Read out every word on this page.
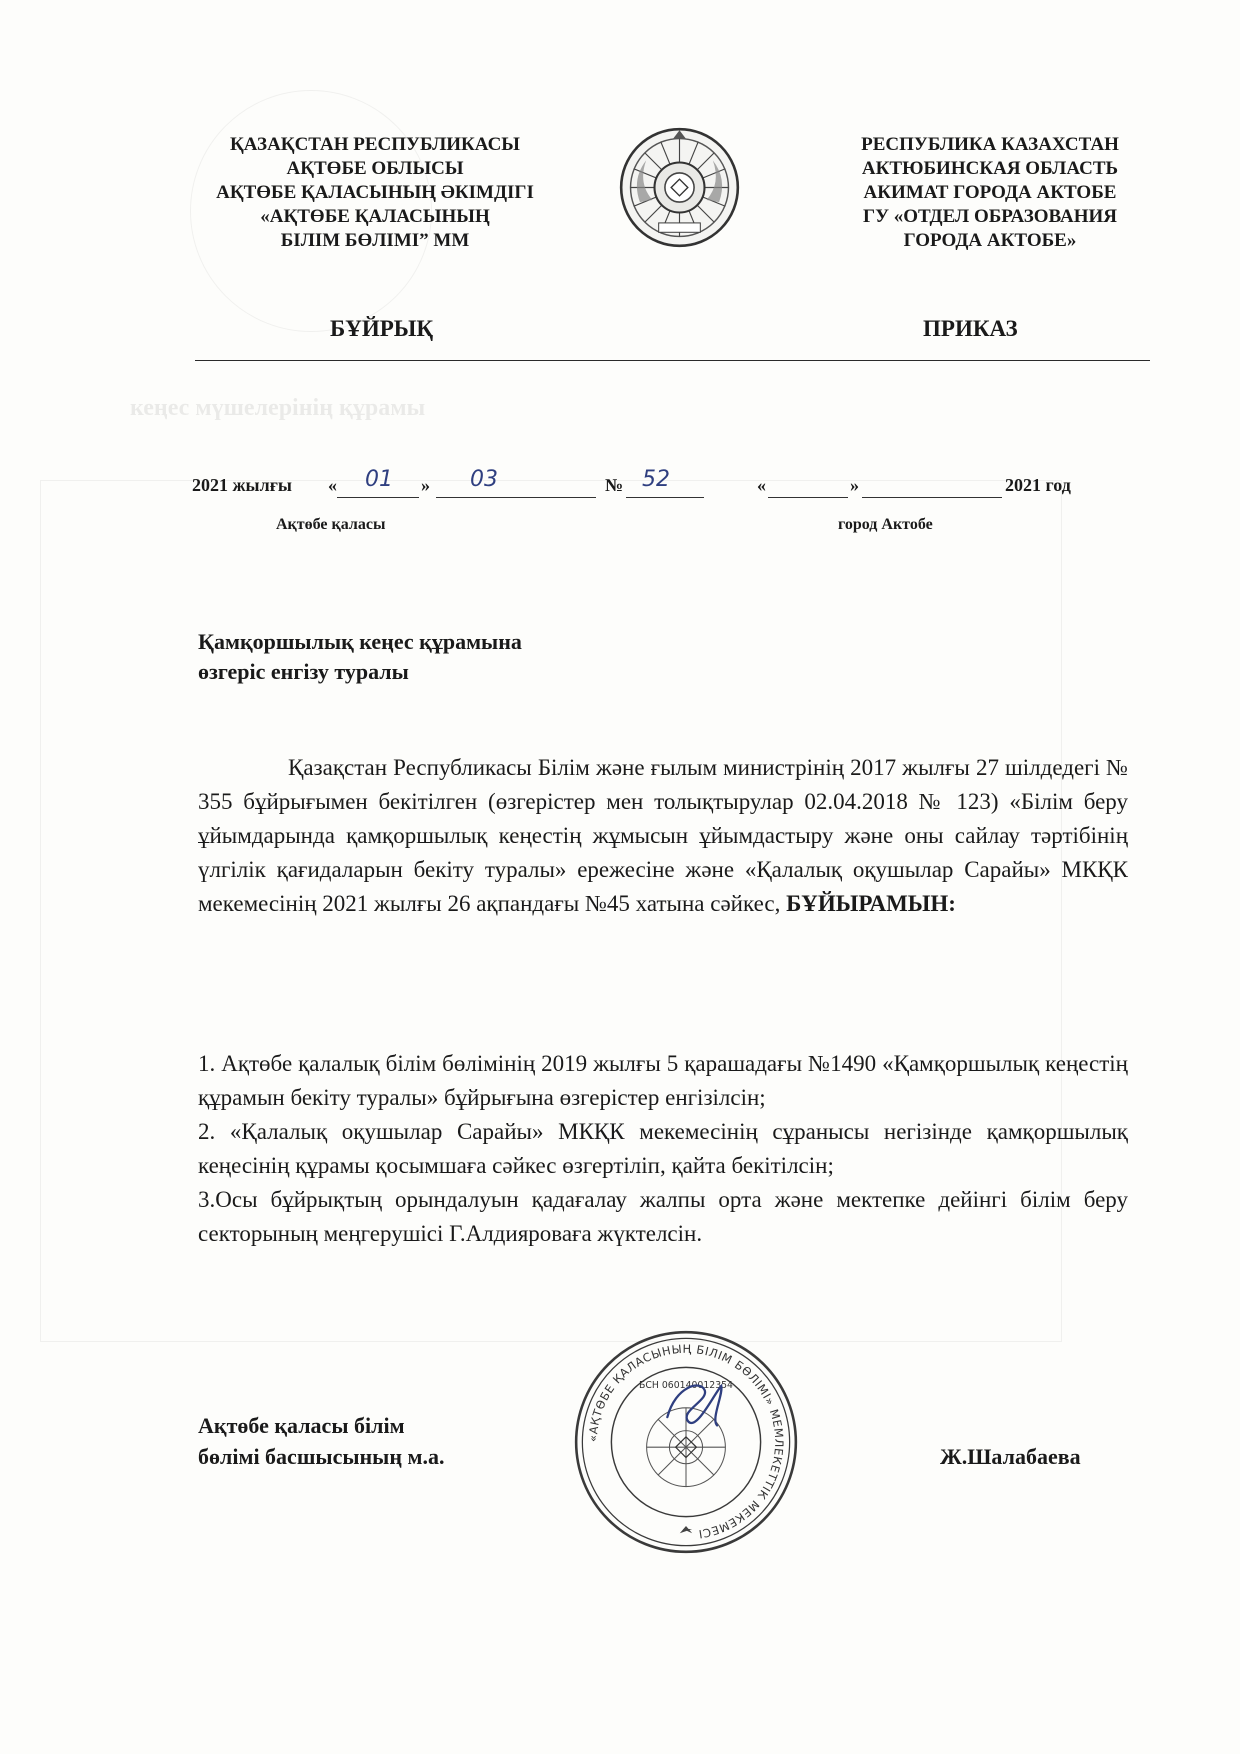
кеңес мүшелерінің құрамы
ҚАЗАҚСТАН РЕСПУБЛИКАСЫ
АҚТӨБЕ ОБЛЫСЫ
АҚТӨБЕ ҚАЛАСЫНЫҢ ӘКІМДІГІ
«АҚТӨБЕ ҚАЛАСЫНЫҢ
БІЛІМ БӨЛІМІ” ММ
РЕСПУБЛИКА КАЗАХСТАН
АКТЮБИНСКАЯ ОБЛАСТЬ
АКИМАТ ГОРОДА АКТОБЕ
ГУ «ОТДЕЛ ОБРАЗОВАНИЯ
ГОРОДА АКТОБЕ»
БҰЙРЫҚ	ПРИКАЗ
2021 жылғы « 01 » 03	№ 52	«	»	2021 год
Ақтөбе қаласы	город Актобе
Қамқоршылық кеңес құрамына
өзгеріс енгізу туралы

Қазақстан Республикасы Білім және ғылым министрінің 2017 жылғы 27 шілдедегі № 355 бұйрығымен бекітілген (өзгерістер мен толықтырулар 02.04.2018 № 123) «Білім беру ұйымдарында қамқоршылық кеңестің жұмысын ұйымдастыру және оны сайлау тәртібінің үлгілік қағидаларын бекіту туралы» ережесіне және «Қалалық оқушылар Сарайы» МКҚК мекемесінің 2021 жылғы 26 ақпандағы №45 хатына сәйкес, БҰЙЫРАМЫН:

1. Ақтөбе қалалық білім бөлімінің 2019 жылғы 5 қарашадағы №1490 «Қамқоршылық кеңестің құрамын бекіту туралы» бұйрығына өзгерістер енгізілсін;

2. «Қалалық оқушылар Сарайы» МКҚК мекемесінің сұранысы негізінде қамқоршылық кеңесінің құрамы қосымшаға сәйкес өзгертіліп, қайта бекітілсін;

3.Осы бұйрықтың орындалуын қадағалау жалпы орта және мектепке дейінгі білім беру секторының меңгерушісі Г.Алдияроваға жүктелсін.

Ақтөбе қаласы білім
бөлімі басшысының м.а.	Ж.Шалабаева
«АҚТӨБЕ ҚАЛАСЫНЫҢ БІЛІМ БӨЛІМІ» МЕМЛЕКЕТТІК МЕКЕМЕСІ
БСН 060140012354
